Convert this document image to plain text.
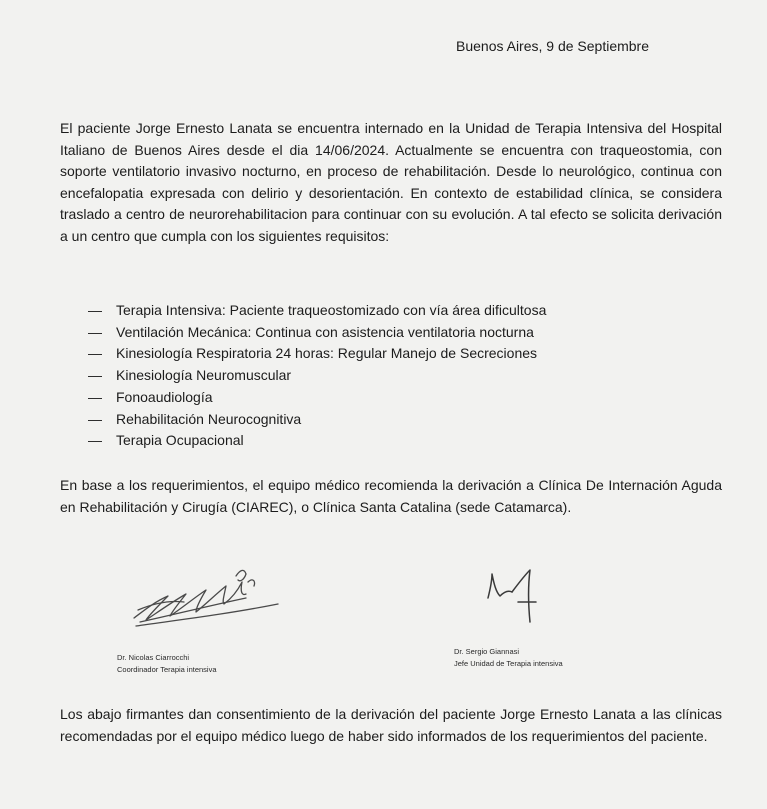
Buenos Aires, 9 de Septiembre

El paciente Jorge Ernesto Lanata se encuentra internado en la Unidad de Terapia Intensiva del Hospital Italiano de Buenos Aires desde el dia 14/06/2024. Actualmente se encuentra con traqueostomia, con soporte ventilatorio invasivo nocturno, en proceso de rehabilitación. Desde lo neurológico, continua con encefalopatia expresada con delirio y desorientación. En contexto de estabilidad clínica, se considera traslado a centro de neurorehabilitacion para continuar con su evolución. A tal efecto se solicita derivación a un centro que cumpla con los siguientes requisitos:

—	Terapia Intensiva: Paciente traqueostomizado con vía área dificultosa
—	Ventilación Mecánica: Continua con asistencia ventilatoria nocturna
—	Kinesiología Respiratoria 24 horas: Regular Manejo de Secreciones
—	Kinesiología Neuromuscular
—	Fonoaudiología
—	Rehabilitación Neurocognitiva
—	Terapia Ocupacional

En base a los requerimientos, el equipo médico recomienda la derivación a Clínica De Internación Aguda en Rehabilitación y Cirugía (CIAREC), o Clínica Santa Catalina (sede Catamarca).

Dr. Nicolas Ciarrocchi
Coordinador Terapia intensiva
Dr. Sergio Giannasi
Jefe Unidad de Terapia intensiva

Los abajo firmantes dan consentimiento de la derivación del paciente Jorge Ernesto Lanata a las clínicas recomendadas por el equipo médico luego de haber sido informados de los requerimientos del paciente.
